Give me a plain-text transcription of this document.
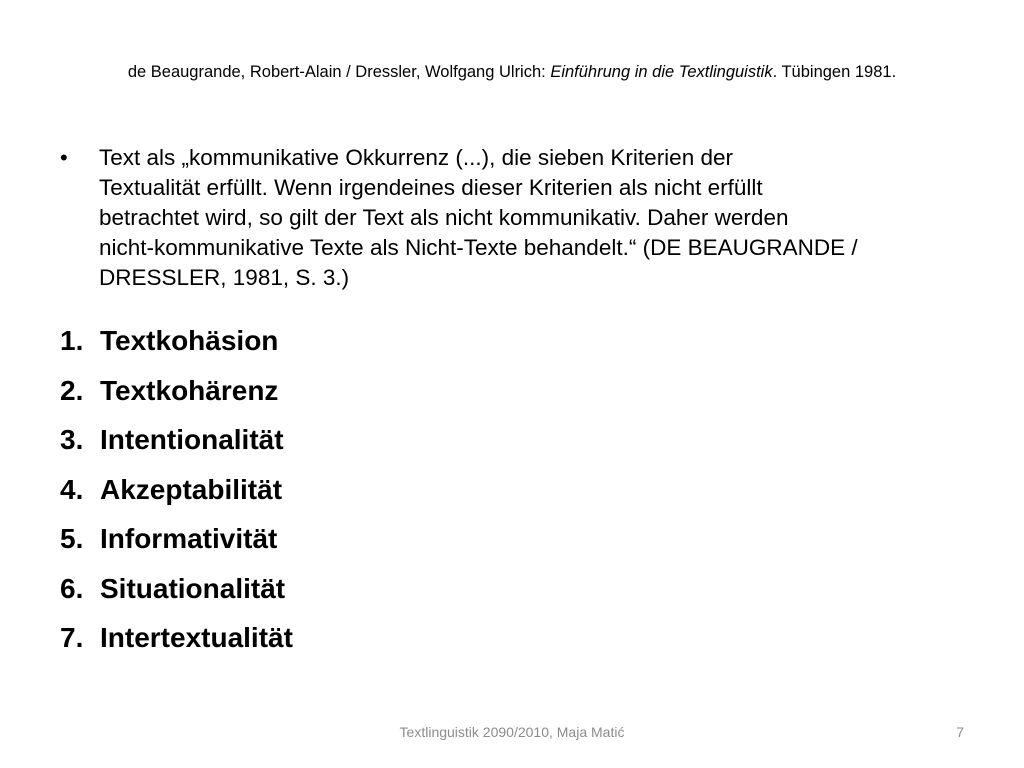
de Beaugrande, Robert-Alain / Dressler, Wolfgang Ulrich: Einführung in die Textlinguistik. Tübingen 1981.
• Text als „kommunikative Okkurrenz (...), die sieben Kriterien der
Textualität erfüllt. Wenn irgendeines dieser Kriterien als nicht erfüllt
betrachtet wird, so gilt der Text als nicht kommunikativ. Daher werden
nicht-kommunikative Texte als Nicht-Texte behandelt.“ (DE BEAUGRANDE /
DRESSLER, 1981, S. 3.)
1. Textkohäsion
2. Textkohärenz
3. Intentionalität
4. Akzeptabilität
5. Informativität
6. Situationalität
7. Intertextualität
Textlinguistik 2090/2010, Maja Matić	7
